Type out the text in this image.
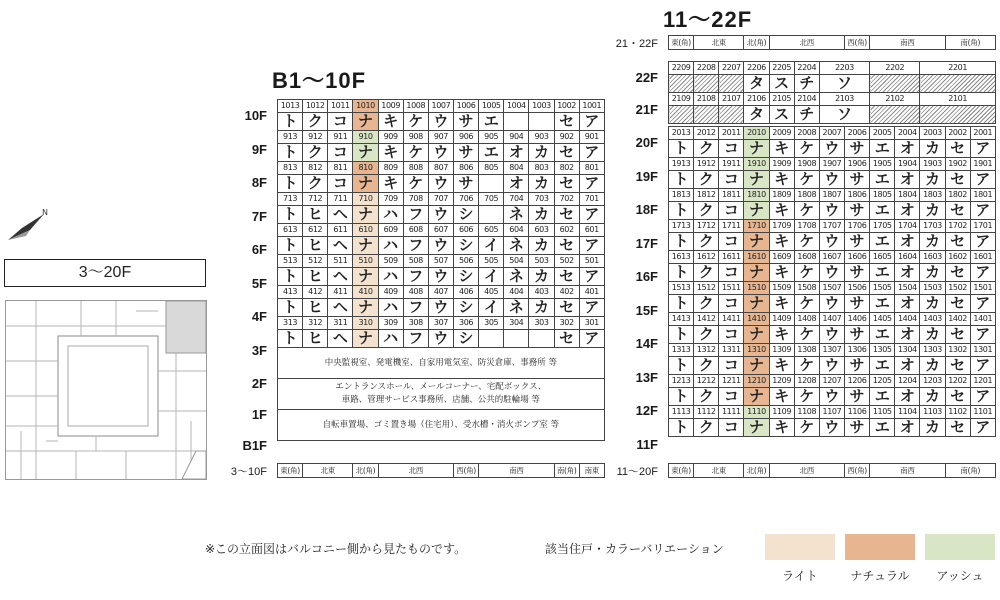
B1〜10F
11〜22F
N
3〜20F
10F
9F
8F
7F
6F
5F
4F
3F
2F
1F
B1F
1013	1012	1011	1010	1009	1008	1007	1006	1005	1004	1003	1002	1001
ト	ク	コ	ナ	キ	ケ	ウ	サ	エ			セ	ア
913	912	911	910	909	908	907	906	905	904	903	902	901
ト	ク	コ	ナ	キ	ケ	ウ	サ	エ	オ	カ	セ	ア
813	812	811	810	809	808	807	806	805	804	803	802	801
ト	ク	コ	ナ	キ	ケ	ウ	サ		オ	カ	セ	ア
713	712	711	710	709	708	707	706	705	704	703	702	701
ト	ヒ	ヘ	ナ	ハ	フ	ウ	シ		ネ	カ	セ	ア
613	612	611	610	609	608	607	606	605	604	603	602	601
ト	ヒ	ヘ	ナ	ハ	フ	ウ	シ	イ	ネ	カ	セ	ア
513	512	511	510	509	508	507	506	505	504	503	502	501
ト	ヒ	ヘ	ナ	ハ	フ	ウ	シ	イ	ネ	カ	セ	ア
413	412	411	410	409	408	407	406	405	404	403	402	401
ト	ヒ	ヘ	ナ	ハ	フ	ウ	シ	イ	ネ	カ	セ	ア
313	312	311	310	309	308	307	306	305	304	303	302	301
ト	ヒ	ヘ	ナ	ハ	フ	ウ	シ				セ	ア
中央監視室、発電機室、自家用電気室、防災倉庫、事務所 等												
エントランスホール、メールコーナー、宅配ボックス、
車路、管理サービス事務所、店舗、公共的駐輪場 等												
自転車置場、ゴミ置き場（住宅用）、受水槽・消火ポンプ室 等												
3〜10F 東(角)	北東	北(角)	北西	西(角)	南西	南(角)	南東
22F
21F
20F
19F
18F
17F
16F
15F
14F
13F
12F
11F
21・22F 東(角)	北東	北(角)	北西	西(角)	南西	南(角)
2209	2208	2207	2206	2205	2204	2203	2202	2201
			タ	ス	チ	ソ		
2109	2108	2107	2106	2105	2104	2103	2102	2101
			タ	ス	チ	ソ		
2013	2012	2011	2010	2009	2008	2007	2006	2005	2004	2003	2002	2001
ト	ク	コ	ナ	キ	ケ	ウ	サ	エ	オ	カ	セ	ア
1913	1912	1911	1910	1909	1908	1907	1906	1905	1904	1903	1902	1901
ト	ク	コ	ナ	キ	ケ	ウ	サ	エ	オ	カ	セ	ア
1813	1812	1811	1810	1809	1808	1807	1806	1805	1804	1803	1802	1801
ト	ク	コ	ナ	キ	ケ	ウ	サ	エ	オ	カ	セ	ア
1713	1712	1711	1710	1709	1708	1707	1706	1705	1704	1703	1702	1701
ト	ク	コ	ナ	キ	ケ	ウ	サ	エ	オ	カ	セ	ア
1613	1612	1611	1610	1609	1608	1607	1606	1605	1604	1603	1602	1601
ト	ク	コ	ナ	キ	ケ	ウ	サ	エ	オ	カ	セ	ア
1513	1512	1511	1510	1509	1508	1507	1506	1505	1504	1503	1502	1501
ト	ク	コ	ナ	キ	ケ	ウ	サ	エ	オ	カ	セ	ア
1413	1412	1411	1410	1409	1408	1407	1406	1405	1404	1403	1402	1401
ト	ク	コ	ナ	キ	ケ	ウ	サ	エ	オ	カ	セ	ア
1313	1312	1311	1310	1309	1308	1307	1306	1305	1304	1303	1302	1301
ト	ク	コ	ナ	キ	ケ	ウ	サ	エ	オ	カ	セ	ア
1213	1212	1211	1210	1209	1208	1207	1206	1205	1204	1203	1202	1201
ト	ク	コ	ナ	キ	ケ	ウ	サ	エ	オ	カ	セ	ア
1113	1112	1111	1110	1109	1108	1107	1106	1105	1104	1103	1102	1101
ト	ク	コ	ナ	キ	ケ	ウ	サ	エ	オ	カ	セ	ア
11〜20F 東(角)	北東	北(角)	北西	西(角)	南西	南(角)
※この立面図はバルコニー側から見たものです。	該当住戸・カラーバリエーション
ライト	ナチュラル	アッシュ
